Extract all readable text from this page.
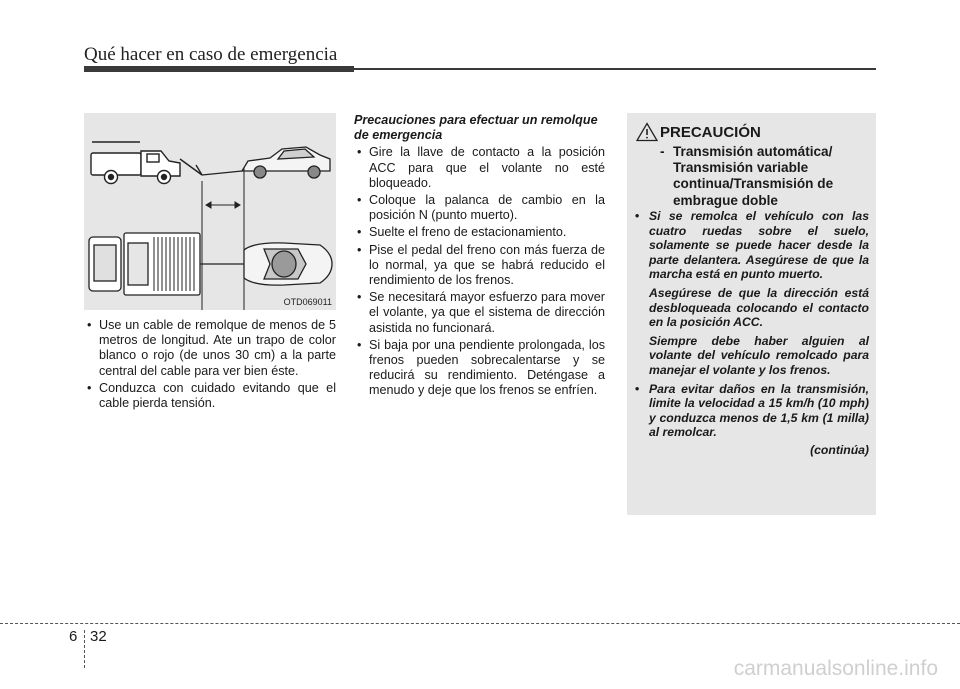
Qué hacer en caso de emergencia
OTD069011
• Use un cable de remolque de menos de 5 metros de longitud. Ate un trapo de color blanco o rojo (de unos 30 cm) a la parte central del cable para ver bien éste.
• Conduzca con cuidado evitando que el cable pierda tensión.

Precauciones para efectuar un remolque de emergencia

• Gire la llave de contacto a la posición ACC para que el volante no esté bloqueado.
• Coloque la palanca de cambio en la posición N (punto muerto).
• Suelte el freno de estacionamiento.
• Pise el pedal del freno con más fuerza de lo normal, ya que se habrá reducido el rendimiento de los frenos.
• Se necesitará mayor esfuerzo para mover el volante, ya que el sistema de dirección asistida no funcionará.
• Si baja por una pendiente prolongada, los frenos pueden sobrecalentarse y se reducirá su rendimiento. Deténgase a menudo y deje que los frenos se enfríen.
PRECAUCIÓN
- Transmisión automática/ Transmisión variable continua/Transmisión de embrague doble
• Si se remolca el vehículo con las cuatro ruedas sobre el suelo, solamente se puede hacer desde la parte delantera. Asegúrese de que la marcha está en punto muerto.
Asegúrese de que la dirección está desbloqueada colocando el contacto en la posición ACC.
Siempre debe haber alguien al volante del vehículo remolcado para manejar el volante y los frenos.
• Para evitar daños en la transmisión, limite la velocidad a 15 km/h (10 mph) y conduzca menos de 1,5 km (1 milla) al remolcar.
(continúa)
6 32
carmanualsonline.info
